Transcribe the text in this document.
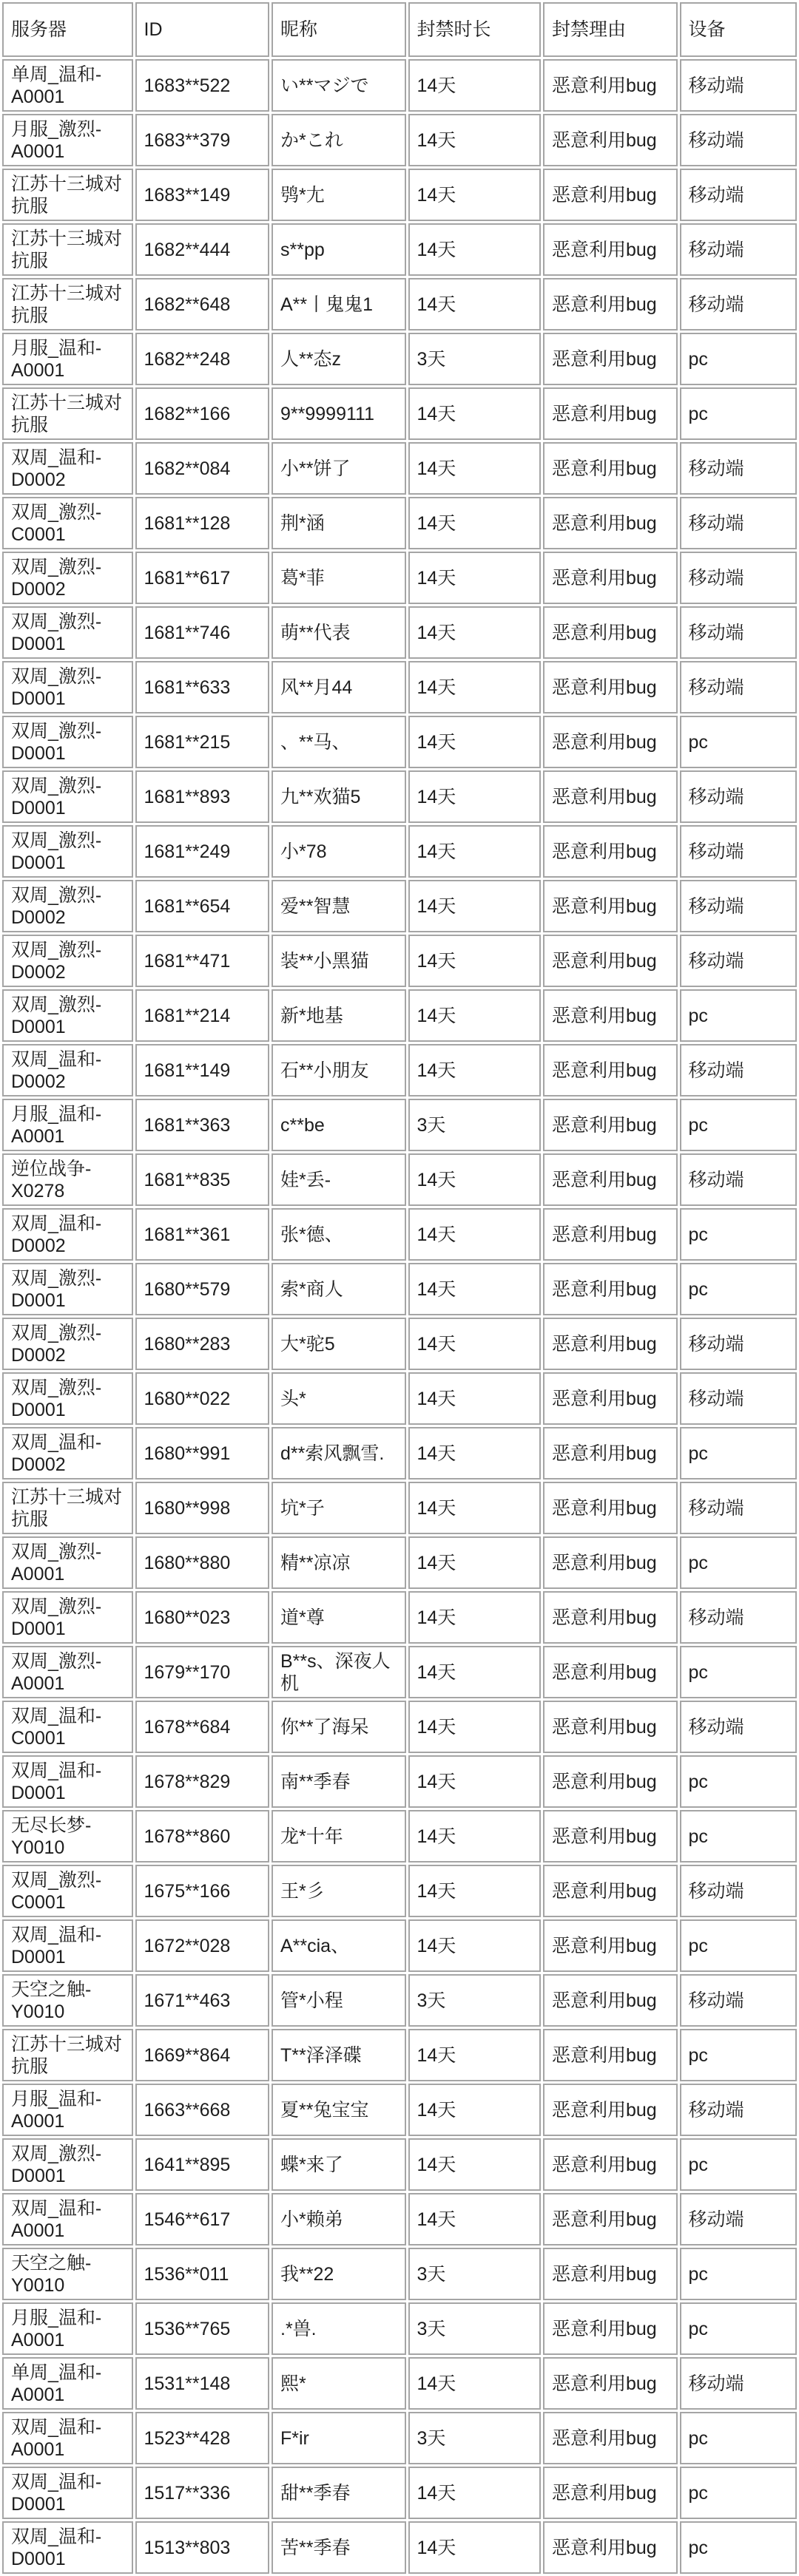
服务器	ID	昵称	封禁时长	封禁理由	设备
单周_温和-A0001	1683**522	い**マジで	14天	恶意利用bug	移动端
月服_激烈-A0001	1683**379	か*これ	14天	恶意利用bug	移动端
江苏十三城对抗服	1683**149	鸮*尢	14天	恶意利用bug	移动端
江苏十三城对抗服	1682**444	s**pp	14天	恶意利用bug	移动端
江苏十三城对抗服	1682**648	A**丨鬼鬼1	14天	恶意利用bug	移动端
月服_温和-A0001	1682**248	人**态z	3天	恶意利用bug	pc
江苏十三城对抗服	1682**166	9**9999111	14天	恶意利用bug	pc
双周_温和-D0002	1682**084	小**饼了	14天	恶意利用bug	移动端
双周_激烈-C0001	1681**128	荆*涵	14天	恶意利用bug	移动端
双周_激烈-D0002	1681**617	葛*菲	14天	恶意利用bug	移动端
双周_激烈-D0001	1681**746	萌**代表	14天	恶意利用bug	移动端
双周_激烈-D0001	1681**633	风**月44	14天	恶意利用bug	移动端
双周_激烈-D0001	1681**215	、**马、	14天	恶意利用bug	pc
双周_激烈-D0001	1681**893	九**欢猫5	14天	恶意利用bug	移动端
双周_激烈-D0001	1681**249	小*78	14天	恶意利用bug	移动端
双周_激烈-D0002	1681**654	爱**智慧	14天	恶意利用bug	移动端
双周_激烈-D0002	1681**471	装**小黑猫	14天	恶意利用bug	移动端
双周_激烈-D0001	1681**214	新*地基	14天	恶意利用bug	pc
双周_温和-D0002	1681**149	石**小朋友	14天	恶意利用bug	移动端
月服_温和-A0001	1681**363	c**be	3天	恶意利用bug	pc
逆位战争-X0278	1681**835	娃*丢-	14天	恶意利用bug	移动端
双周_温和-D0002	1681**361	张*德、	14天	恶意利用bug	pc
双周_激烈-D0001	1680**579	索*商人	14天	恶意利用bug	pc
双周_激烈-D0002	1680**283	大*驼5	14天	恶意利用bug	移动端
双周_激烈-D0001	1680**022	头*	14天	恶意利用bug	移动端
双周_温和-D0002	1680**991	d**索风飘雪.	14天	恶意利用bug	pc
江苏十三城对抗服	1680**998	坑*子	14天	恶意利用bug	移动端
双周_激烈-A0001	1680**880	精**凉凉	14天	恶意利用bug	pc
双周_激烈-D0001	1680**023	道*尊	14天	恶意利用bug	移动端
双周_激烈-A0001	1679**170	B**s、深夜人机	14天	恶意利用bug	pc
双周_温和-C0001	1678**684	你**了海呆	14天	恶意利用bug	移动端
双周_温和-D0001	1678**829	南**季春	14天	恶意利用bug	pc
无尽长梦-Y0010	1678**860	龙*十年	14天	恶意利用bug	pc
双周_激烈-C0001	1675**166	王*彡	14天	恶意利用bug	移动端
双周_温和-D0001	1672**028	A**cia、	14天	恶意利用bug	pc
天空之触-Y0010	1671**463	管*小程	3天	恶意利用bug	移动端
江苏十三城对抗服	1669**864	T**泽泽碟	14天	恶意利用bug	pc
月服_温和-A0001	1663**668	夏**兔宝宝	14天	恶意利用bug	移动端
双周_激烈-D0001	1641**895	蝶*来了	14天	恶意利用bug	pc
双周_温和-A0001	1546**617	小*赖弟	14天	恶意利用bug	移动端
天空之触-Y0010	1536**011	我**22	3天	恶意利用bug	pc
月服_温和-A0001	1536**765	.*兽.	3天	恶意利用bug	pc
单周_温和-A0001	1531**148	熙*	14天	恶意利用bug	移动端
双周_温和-A0001	1523**428	F*ir	3天	恶意利用bug	pc
双周_温和-D0001	1517**336	甜**季春	14天	恶意利用bug	pc
双周_温和-D0001	1513**803	苦**季春	14天	恶意利用bug	pc
